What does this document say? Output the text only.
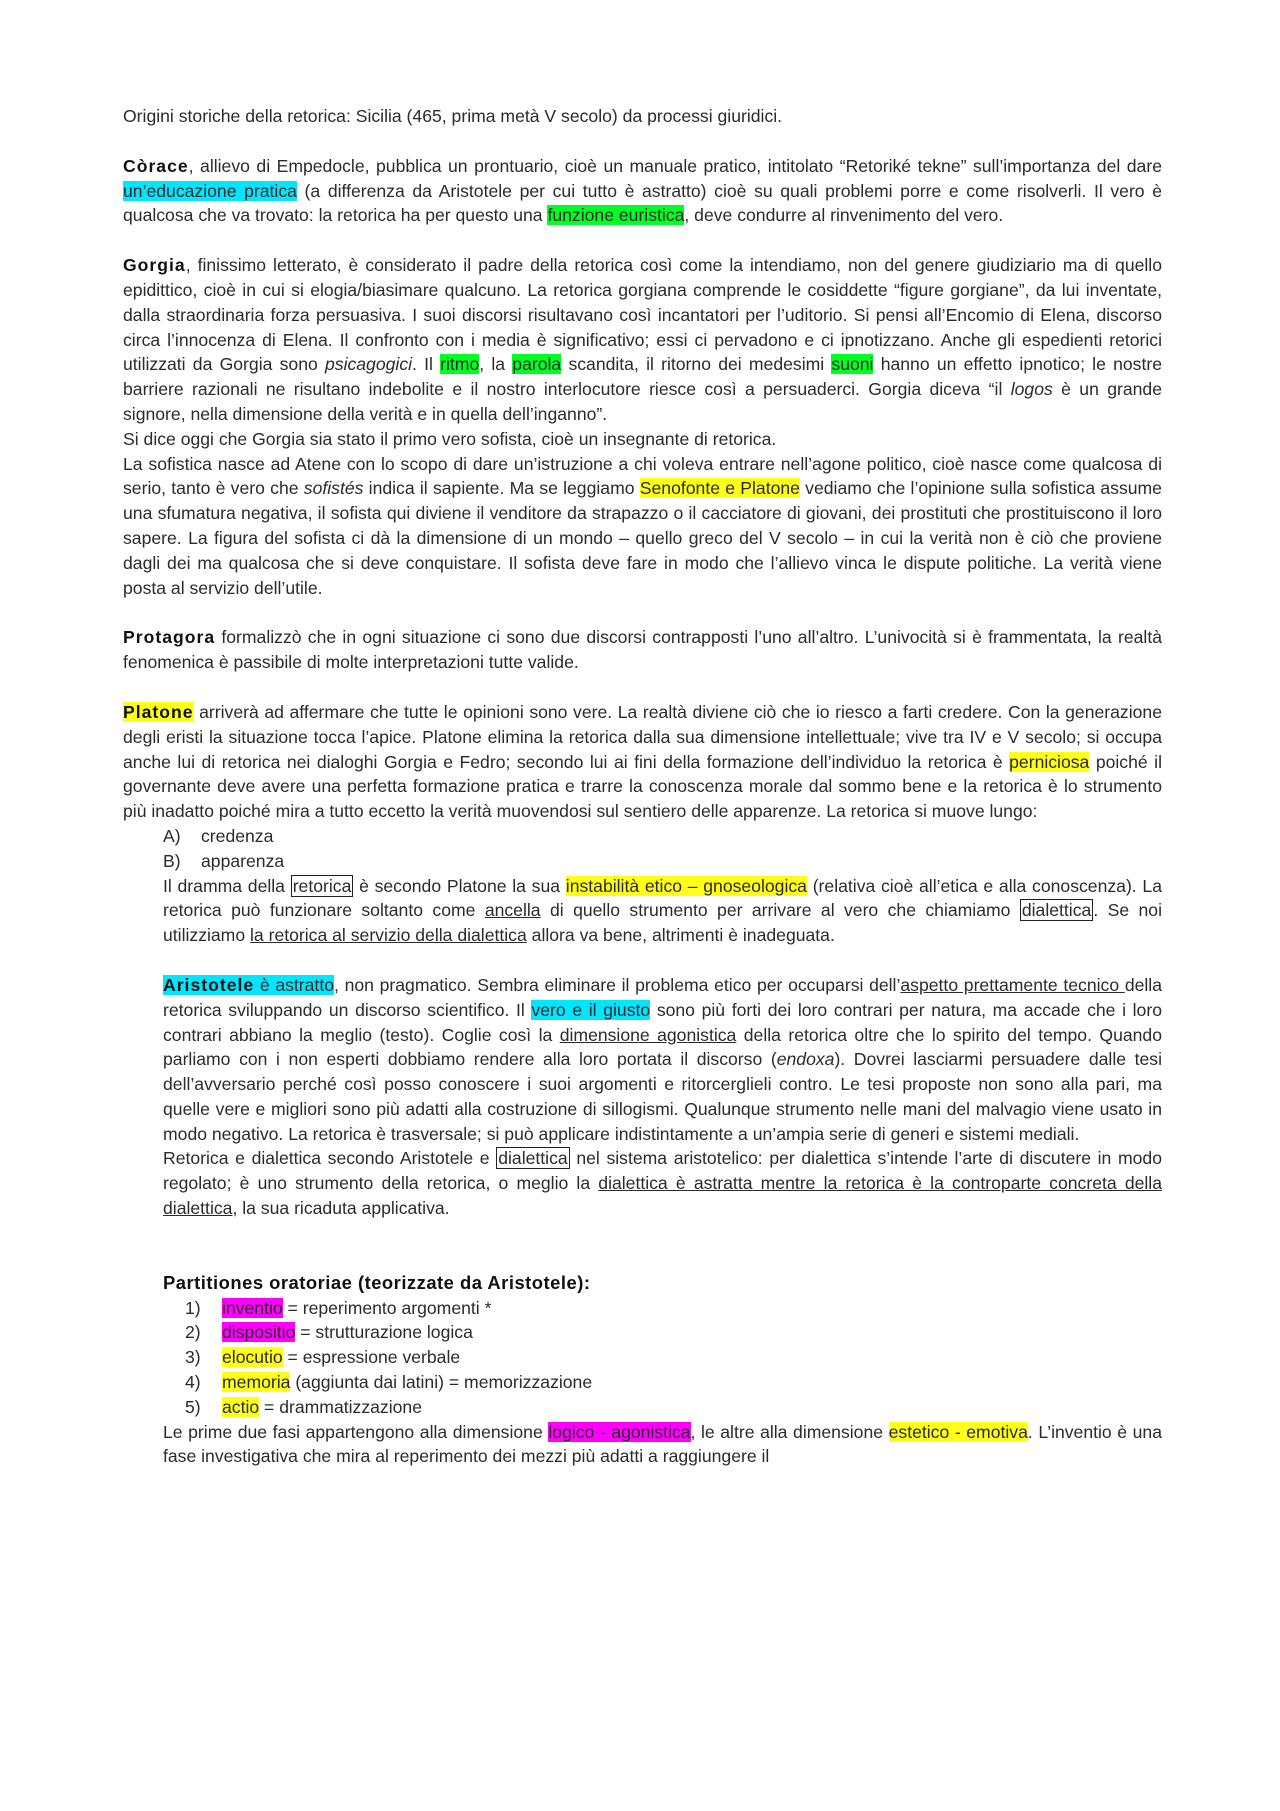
Origini storiche della retorica: Sicilia (465, prima metà V secolo) da processi giuridici.

Còrace, allievo di Empedocle, pubblica un prontuario, cioè un manuale pratico, intitolato “Retoriké tekne” sull’importanza del dare un’educazione pratica (a differenza da Aristotele per cui tutto è astratto) cioè su quali problemi porre e come risolverli. Il vero è qualcosa che va trovato: la retorica ha per questo una funzione euristica, deve condurre al rinvenimento del vero.

Gorgia, finissimo letterato, è considerato il padre della retorica così come la intendiamo, non del genere giudiziario ma di quello epidittico, cioè in cui si elogia/biasimare qualcuno. La retorica gorgiana comprende le cosiddette “figure gorgiane”, da lui inventate, dalla straordinaria forza persuasiva. I suoi discorsi risultavano così incantatori per l’uditorio. Si pensi all’Encomio di Elena, discorso circa l’innocenza di Elena. Il confronto con i media è significativo; essi ci pervadono e ci ipnotizzano. Anche gli espedienti retorici utilizzati da Gorgia sono psicagogici. Il ritmo, la parola scandita, il ritorno dei medesimi suoni hanno un effetto ipnotico; le nostre barriere razionali ne risultano indebolite e il nostro interlocutore riesce così a persuaderci. Gorgia diceva “il logos è un grande signore, nella dimensione della verità e in quella dell’inganno”.

Si dice oggi che Gorgia sia stato il primo vero sofista, cioè un insegnante di retorica.

La sofistica nasce ad Atene con lo scopo di dare un’istruzione a chi voleva entrare nell’agone politico, cioè nasce come qualcosa di serio, tanto è vero che sofistés indica il sapiente. Ma se leggiamo Senofonte e Platone vediamo che l’opinione sulla sofistica assume una sfumatura negativa, il sofista qui diviene il venditore da strapazzo o il cacciatore di giovani, dei prostituti che prostituiscono il loro sapere. La figura del sofista ci dà la dimensione di un mondo – quello greco del V secolo – in cui la verità non è ciò che proviene dagli dei ma qualcosa che si deve conquistare. Il sofista deve fare in modo che l’allievo vinca le dispute politiche. La verità viene posta al servizio dell’utile.

Protagora formalizzò che in ogni situazione ci sono due discorsi contrapposti l’uno all’altro. L’univocità si è frammentata, la realtà fenomenica è passibile di molte interpretazioni tutte valide.

Platone arriverà ad affermare che tutte le opinioni sono vere. La realtà diviene ciò che io riesco a farti credere. Con la generazione degli eristi la situazione tocca l’apice. Platone elimina la retorica dalla sua dimensione intellettuale; vive tra IV e V secolo; si occupa anche lui di retorica nei dialoghi Gorgia e Fedro; secondo lui ai fini della formazione dell’individuo la retorica è perniciosa poiché il governante deve avere una perfetta formazione pratica e trarre la conoscenza morale dal sommo bene e la retorica è lo strumento più inadatto poiché mira a tutto eccetto la verità muovendosi sul sentiero delle apparenze. La retorica si muove lungo:

A)	credenza
B)	apparenza

Il dramma della retorica è secondo Platone la sua instabilità etico – gnoseologica (relativa cioè all’etica e alla conoscenza). La retorica può funzionare soltanto come ancella di quello strumento per arrivare al vero che chiamiamo dialettica . Se noi utilizziamo la retorica al servizio della dialettica allora va bene, altrimenti è inadeguata.

Aristotele è astratto, non pragmatico. Sembra eliminare il problema etico per occuparsi dell’aspetto prettamente tecnico della retorica sviluppando un discorso scientifico. Il vero e il giusto sono più forti dei loro contrari per natura, ma accade che i loro contrari abbiano la meglio (testo). Coglie così la dimensione agonistica della retorica oltre che lo spirito del tempo. Quando parliamo con i non esperti dobbiamo rendere alla loro portata il discorso (endoxa). Dovrei lasciarmi persuadere dalle tesi dell’avversario perché così posso conoscere i suoi argomenti e ritorcerglieli contro. Le tesi proposte non sono alla pari, ma quelle vere e migliori sono più adatti alla costruzione di sillogismi. Qualunque strumento nelle mani del malvagio viene usato in modo negativo. La retorica è trasversale; si può applicare indistintamente a un’ampia serie di generi e sistemi mediali.

Retorica e dialettica secondo Aristotele e dialettica nel sistema aristotelico: per dialettica s’intende l’arte di discutere in modo regolato; è uno strumento della retorica, o meglio la dialettica è astratta mentre la retorica è la controparte concreta della dialettica, la sua ricaduta applicativa.

Partitiones oratoriae (teorizzate da Aristotele):

1)	inventio = reperimento argomenti *
2)	dispositio = strutturazione logica
3)	elocutio = espressione verbale
4)	memoria (aggiunta dai latini) = memorizzazione
5)	actio = drammatizzazione

Le prime due fasi appartengono alla dimensione logico - agonistica, le altre alla dimensione estetico - emotiva. L’inventio è una fase investigativa che mira al reperimento dei mezzi più adatti a raggiungere il
